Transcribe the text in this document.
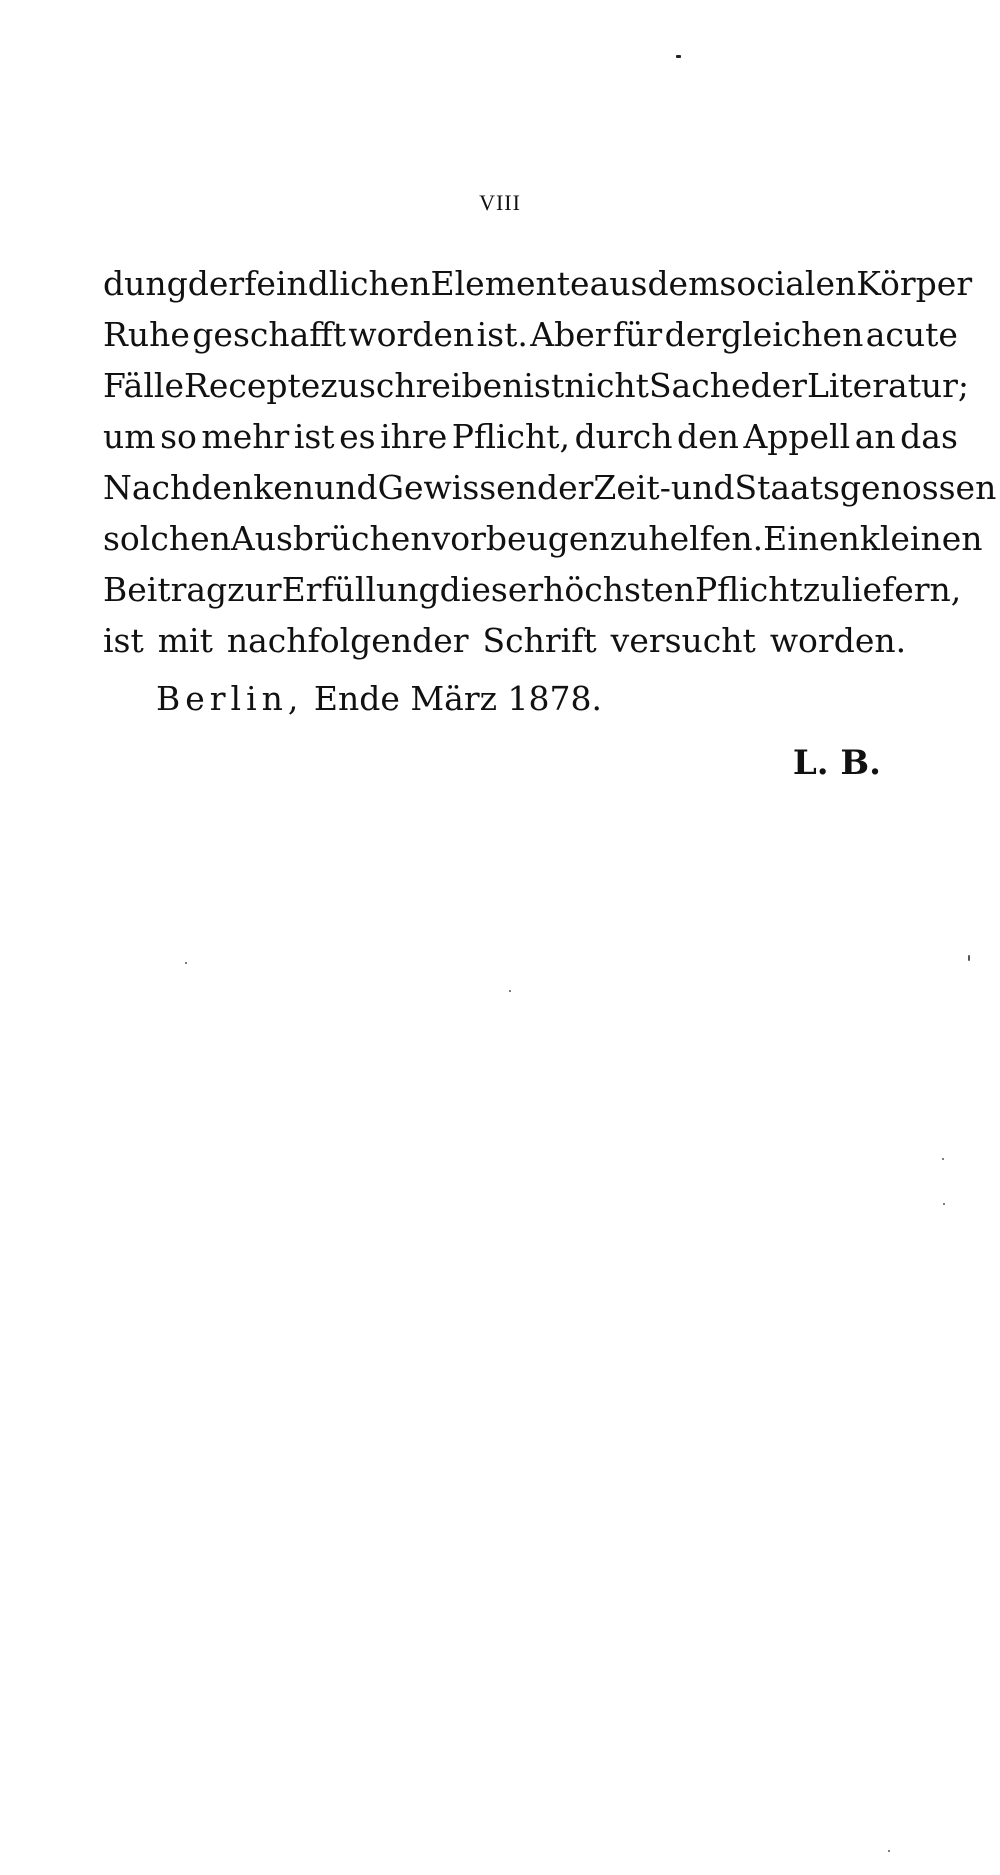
VIII
dung der feindlichen Elemente aus dem socialen Körper
Ruhe geschafft worden ist. Aber für dergleichen acute
Fälle Recepte zu schreiben ist nicht Sache der Literatur;
um so mehr ist es ihre Pflicht, durch den Appell an das
Nachdenken und Gewissen der Zeit- und Staatsgenossen
solchen Ausbrüchen vorbeugen zu helfen. Einen kleinen
Beitrag zur Erfüllung dieser höchsten Pflicht zu liefern,
ist mit nachfolgender Schrift versucht worden.
Berlin, Ende März 1878.
L. B.
